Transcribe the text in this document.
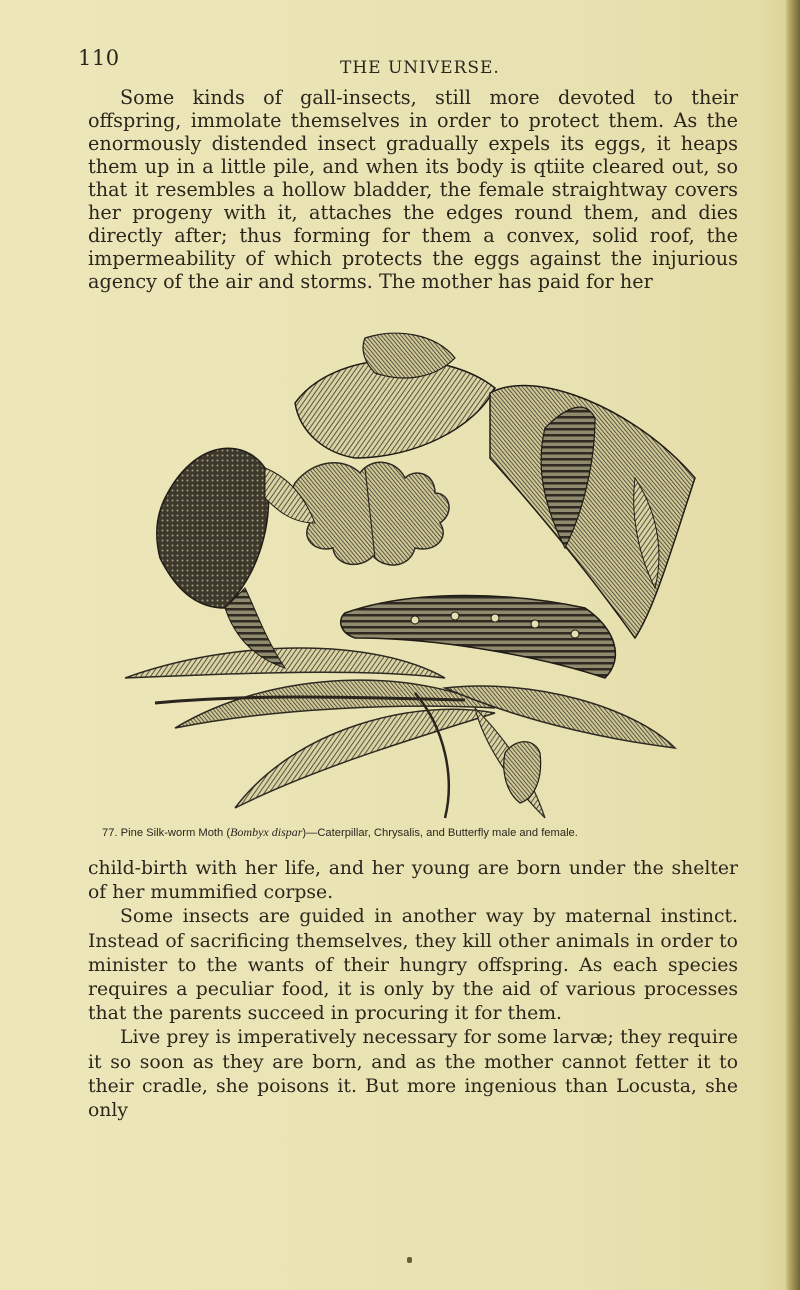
110	THE UNIVERSE.

Some kinds of gall-insects, still more devoted to their offspring, immolate themselves in order to protect them. As the enormously distended insect gradually expels its eggs, it heaps them up in a little pile, and when its body is qtiite cleared out, so that it resembles a hollow bladder, the female straightway covers her progeny with it, attaches the edges round them, and dies directly after; thus forming for them a convex, solid roof, the impermeability of which protects the eggs against the injurious agency of the air and storms. The mother has paid for her

77. Pine Silk-worm Moth (Bombyx dispar)—Caterpillar, Chrysalis, and Butterfly male and female.

child-birth with her life, and her young are born under the shelter of her mummified corpse.

Some insects are guided in another way by maternal instinct. Instead of sacrificing themselves, they kill other animals in order to minister to the wants of their hungry offspring. As each species requires a peculiar food, it is only by the aid of various processes that the parents succeed in procuring it for them.

Live prey is imperatively necessary for some larvæ; they require it so soon as they are born, and as the mother cannot fetter it to their cradle, she poisons it. But more ingenious than Locusta, she only
